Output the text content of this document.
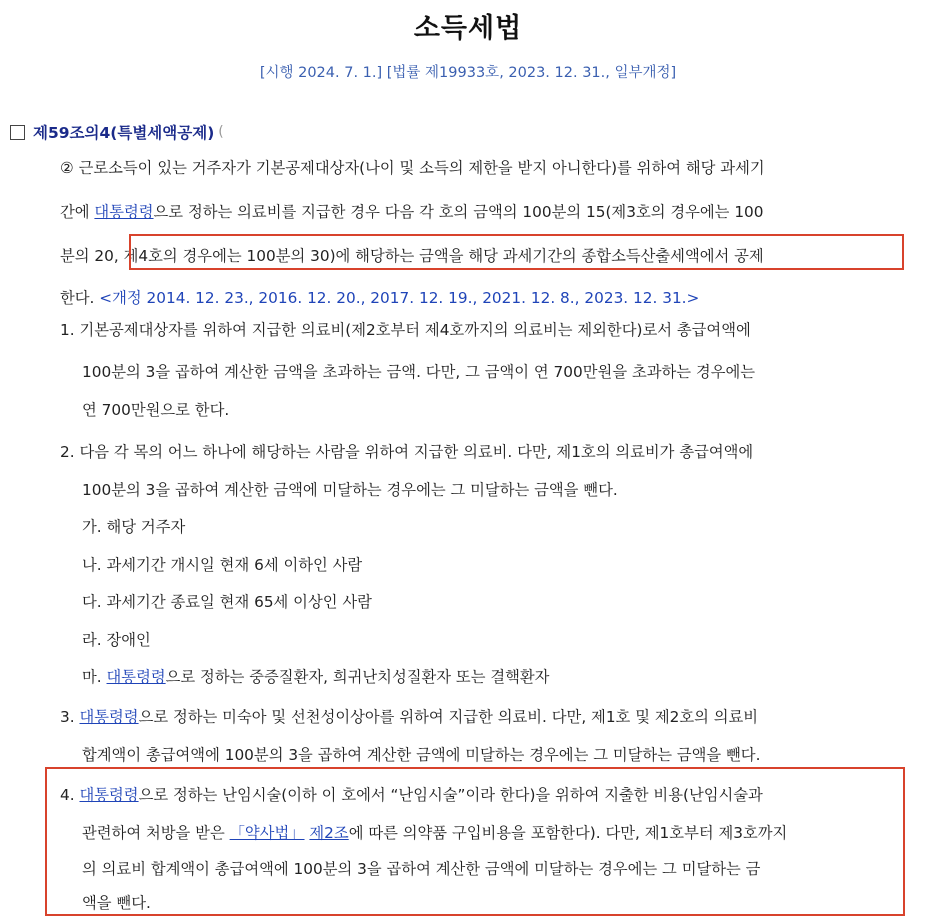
소득세법
[시행 2024. 7. 1.] [법률 제19933호, 2023. 12. 31., 일부개정]
제59조의4(특별세액공제) (
② 근로소득이 있는 거주자가 기본공제대상자(나이 및 소득의 제한을 받지 아니한다)를 위하여 해당 과세기
간에 대통령령으로 정하는 의료비를 지급한 경우 다음 각 호의 금액의 100분의 15(제3호의 경우에는 100
분의 20, 제4호의 경우에는 100분의 30)에 해당하는 금액을 해당 과세기간의 종합소득산출세액에서 공제
한다. <개정 2014. 12. 23., 2016. 12. 20., 2017. 12. 19., 2021. 12. 8., 2023. 12. 31.>
1. 기본공제대상자를 위하여 지급한 의료비(제2호부터 제4호까지의 의료비는 제외한다)로서 총급여액에
100분의 3을 곱하여 계산한 금액을 초과하는 금액. 다만, 그 금액이 연 700만원을 초과하는 경우에는
연 700만원으로 한다.
2. 다음 각 목의 어느 하나에 해당하는 사람을 위하여 지급한 의료비. 다만, 제1호의 의료비가 총급여액에
100분의 3을 곱하여 계산한 금액에 미달하는 경우에는 그 미달하는 금액을 뺀다.
가. 해당 거주자
나. 과세기간 개시일 현재 6세 이하인 사람
다. 과세기간 종료일 현재 65세 이상인 사람
라. 장애인
마. 대통령령으로 정하는 중증질환자, 희귀난치성질환자 또는 결핵환자
3. 대통령령으로 정하는 미숙아 및 선천성이상아를 위하여 지급한 의료비. 다만, 제1호 및 제2호의 의료비
합계액이 총급여액에 100분의 3을 곱하여 계산한 금액에 미달하는 경우에는 그 미달하는 금액을 뺀다.
4. 대통령령으로 정하는 난임시술(이하 이 호에서 “난임시술”이라 한다)을 위하여 지출한 비용(난임시술과
관련하여 처방을 받은 「약사법」 제2조에 따른 의약품 구입비용을 포함한다). 다만, 제1호부터 제3호까지
의 의료비 합계액이 총급여액에 100분의 3을 곱하여 계산한 금액에 미달하는 경우에는 그 미달하는 금
액을 뺀다.
